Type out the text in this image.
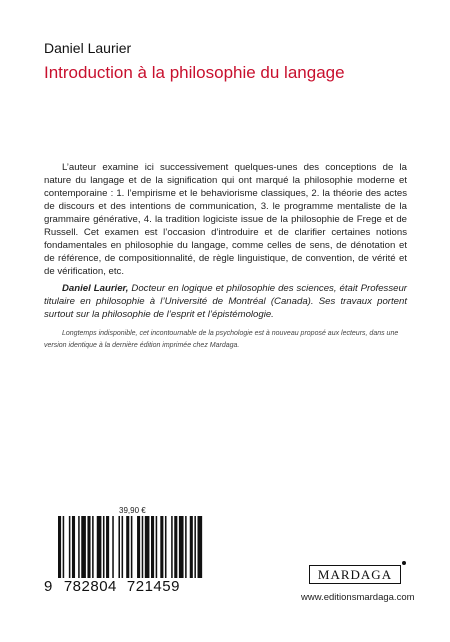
Daniel Laurier
Introduction à la philosophie du langage

L’auteur examine ici successivement quelques-unes des conceptions de la nature du langage et de la signification qui ont marqué la philosophie moderne et contemporaine : 1. l’empirisme et le behaviorisme classiques, 2. la théorie des actes de discours et des intentions de communication, 3. le programme mentaliste de la grammaire générative, 4. la tradition logiciste issue de la philosophie de Frege et de Russell. Cet examen est l’occasion d’introduire et de clarifier certaines notions fondamentales en philosophie du langage, comme celles de sens, de dénotation et de référence, de compositionnalité, de règle linguistique, de convention, de vérité et de vérification, etc.

Daniel Laurier, Docteur en logique et philosophie des sciences, était Professeur titulaire en philosophie à l’Université de Montréal (Canada). Ses travaux portent surtout sur la philosophie de l’esprit et l’épistémologie.

Longtemps indisponible, cet incontournable de la psychologie est à nouveau proposé aux lecteurs, dans une version identique à la dernière édition imprimée chez Mardaga.

39,90 €
9 782804 721459
MARDAGA
www.editionsmardaga.com
